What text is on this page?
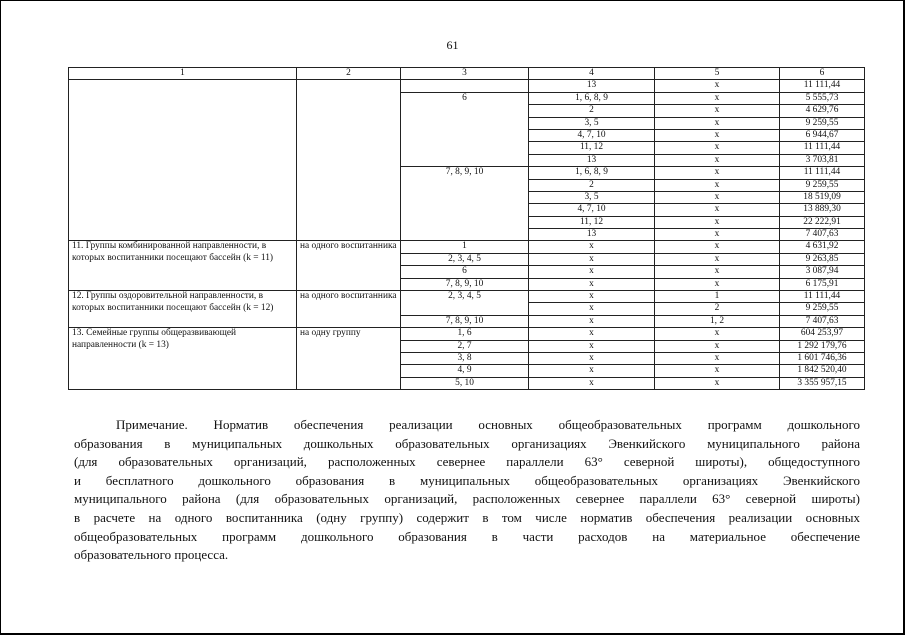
61
1	2	3	4	5	6
			13	х	11 111,44
		6	1, 6, 8, 9	х	5 555,73
			2	х	4 629,76
			3, 5	х	9 259,55
			4, 7, 10	х	6 944,67
			11, 12	х	11 111,44
			13	х	3 703,81
		7, 8, 9, 10	1, 6, 8, 9	х	11 111,44
			2	х	9 259,55
			3, 5	х	18 519,09
			4, 7, 10	х	13 889,30
			11, 12	х	22 222,91
			13	х	7 407,63
11. Группы комбинированной направленности, в которых воспитанники посещают бассейн (k = 11)	на одного воспитанника	1	х	х	4 631,92
		2, 3, 4, 5	х	х	9 263,85
		6	х	х	3 087,94
		7, 8, 9, 10	х	х	6 175,91
12. Группы оздоровительной направленности, в которых воспитанники посещают бассейн (k = 12)	на одного воспитанника	2, 3, 4, 5	х	1	11 111,44
			х	2	9 259,55
		7, 8, 9, 10	х	1, 2	7 407,63
13. Семейные группы общеразвивающей направленности (k = 13)	на одну группу	1, 6	х	х	604 253,97
		2, 7	х	х	1 292 179,76
		3, 8	х	х	1 601 746,36
		4, 9	х	х	1 842 520,40
		5, 10	х	х	3 355 957,15
Примечание. Норматив обеспечения реализации основных общеобразовательных программ дошкольного
образования в муниципальных дошкольных образовательных организациях Эвенкийского муниципального района
(для образовательных организаций, расположенных севернее параллели 63° северной широты), общедоступного
и бесплатного дошкольного образования в муниципальных общеобразовательных организациях Эвенкийского
муниципального района (для образовательных организаций, расположенных севернее параллели 63° северной широты)
в расчете на одного воспитанника (одну группу) содержит в том числе норматив обеспечения реализации основных
общеобразовательных программ дошкольного образования в части расходов на материальное обеспечение
образовательного процесса.
